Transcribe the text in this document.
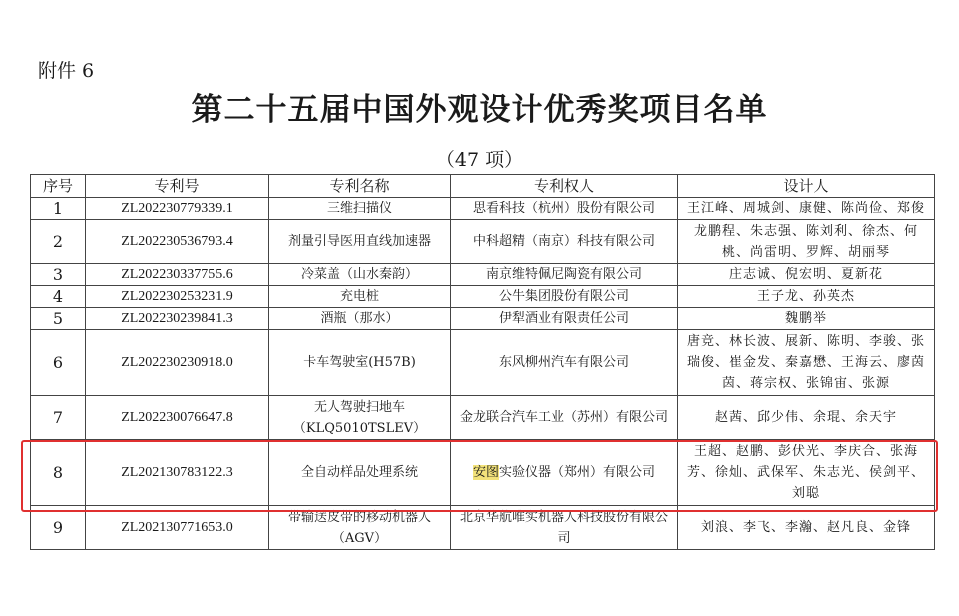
附件 6
第二十五届中国外观设计优秀奖项目名单
（47 项）
序号	专利号	专利名称	专利权人	设计人
1	ZL202230779339.1	三维扫描仪	思看科技（杭州）股份有限公司	王江峰、周城剑、康健、陈尚俭、郑俊
2	ZL202230536793.4	剂量引导医用直线加速器	中科超精（南京）科技有限公司	龙鹏程、朱志强、陈刘利、徐杰、何桃、尚雷明、罗辉、胡丽琴
3	ZL202230337755.6	冷菜盖（山水秦韵）	南京维特佩尼陶瓷有限公司	庄志诚、倪宏明、夏新花
4	ZL202230253231.9	充电桩	公牛集团股份有限公司	王子龙、孙英杰
5	ZL202230239841.3	酒瓶（那水）	伊犁酒业有限责任公司	魏鹏举
6	ZL202230230918.0	卡车驾驶室(H57B)	东风柳州汽车有限公司	唐竞、林长波、展新、陈明、李骏、张瑞俊、崔金发、秦嘉懋、王海云、廖茵茵、蒋宗权、张锦宙、张源
7	ZL202230076647.8	无人驾驶扫地车（KLQ5010TSLEV）	金龙联合汽车工业（苏州）有限公司	赵茜、邱少伟、余琨、余天宇
8	ZL202130783122.3	全自动样品处理系统	安图实验仪器（郑州）有限公司	王超、赵鹏、彭伏光、李庆合、张海芳、徐灿、武保军、朱志光、侯剑平、刘聪
9	ZL202130771653.0	带输送皮带的移动机器人（AGV）	北京华航唯实机器人科技股份有限公司	刘浪、李飞、李瀚、赵凡良、金锋
